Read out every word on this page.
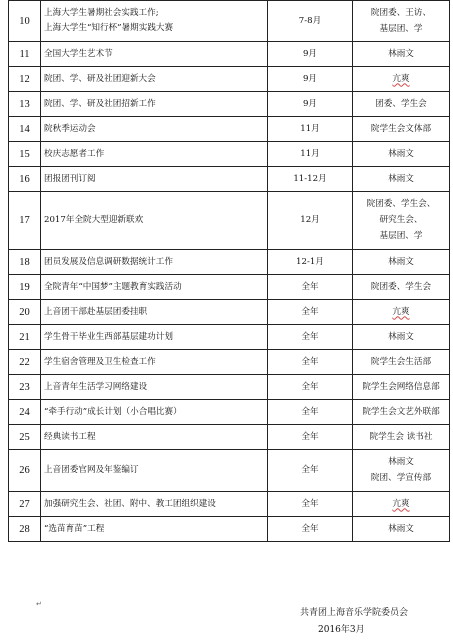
10	上海大学生暑期社会实践工作;
上海大学生“知行杯”暑期实践大赛	7-8月	院团委、王访、
基层团、学

11	全国大学生艺术节	9月	林雨文

12	院团、学、研及社团迎新大会	9月	亢爽

13	院团、学、研及社团招新工作	9月	团委、学生会

14	院秋季运动会	11月	院学生会文体部

15	校庆志愿者工作	11月	林雨文

16	团报团刊订阅	11-12月	林雨文

17	2017年全院大型迎新联欢	12月	院团委、学生会、
研究生会、
基层团、学

18	团员发展及信息调研数据统计工作	12-1月	林雨文

19	全院青年“中国梦”主题教育实践活动	全年	院团委、学生会

20	上音团干部赴基层团委挂职	全年	亢爽

21	学生骨干毕业生西部基层建功计划	全年	林雨文

22	学生宿舍管理及卫生检查工作	全年	院学生会生活部

23	上音青年生活学习网络建设	全年	院学生会网络信息部

24	“牵手行动”成长计划（小合唱比赛）	全年	院学生会文艺外联部

25	经典读书工程	全年	院学生会 读书社

26	上音团委官网及年鉴编订	全年	林雨文
院团、学宣传部

27	加强研究生会、社团、附中、教工团组织建设	全年	亢爽

28	“选苗育苗”工程	全年	林雨文
↵
共青团上海音乐学院委员会
2016年3月
